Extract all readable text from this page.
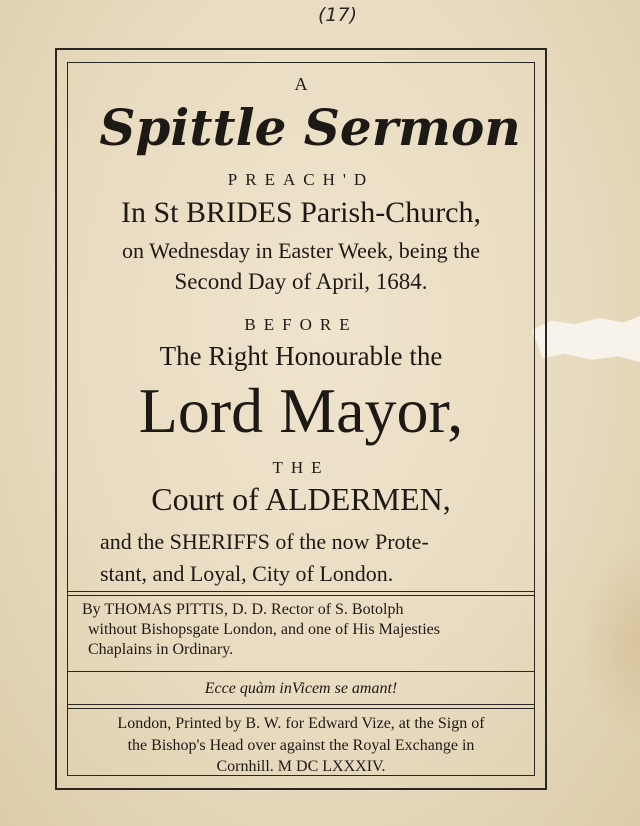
(17)
A
Spittle Sermon
PREACH'D
In St BRIDES Parish-Church,
on Wednesday in Easter Week, being the
Second Day of April, 1684.
BEFORE
The Right Honourable the
Lord Mayor,
THE
Court of ALDERMEN,
and the SHERIFFS of the now Prote-
stant, and Loyal, City of London.
By THOMAS PITTIS, D. D. Rector of S. Botolph
without Bishopsgate London, and one of His Majesties
Chaplains in Ordinary.
Ecce quàm inVicem se amant!
London, Printed by B. W. for Edward Vize, at the Sign of
the Bishop's Head over against the Royal Exchange in
Cornhill. M DC LXXXIV.
